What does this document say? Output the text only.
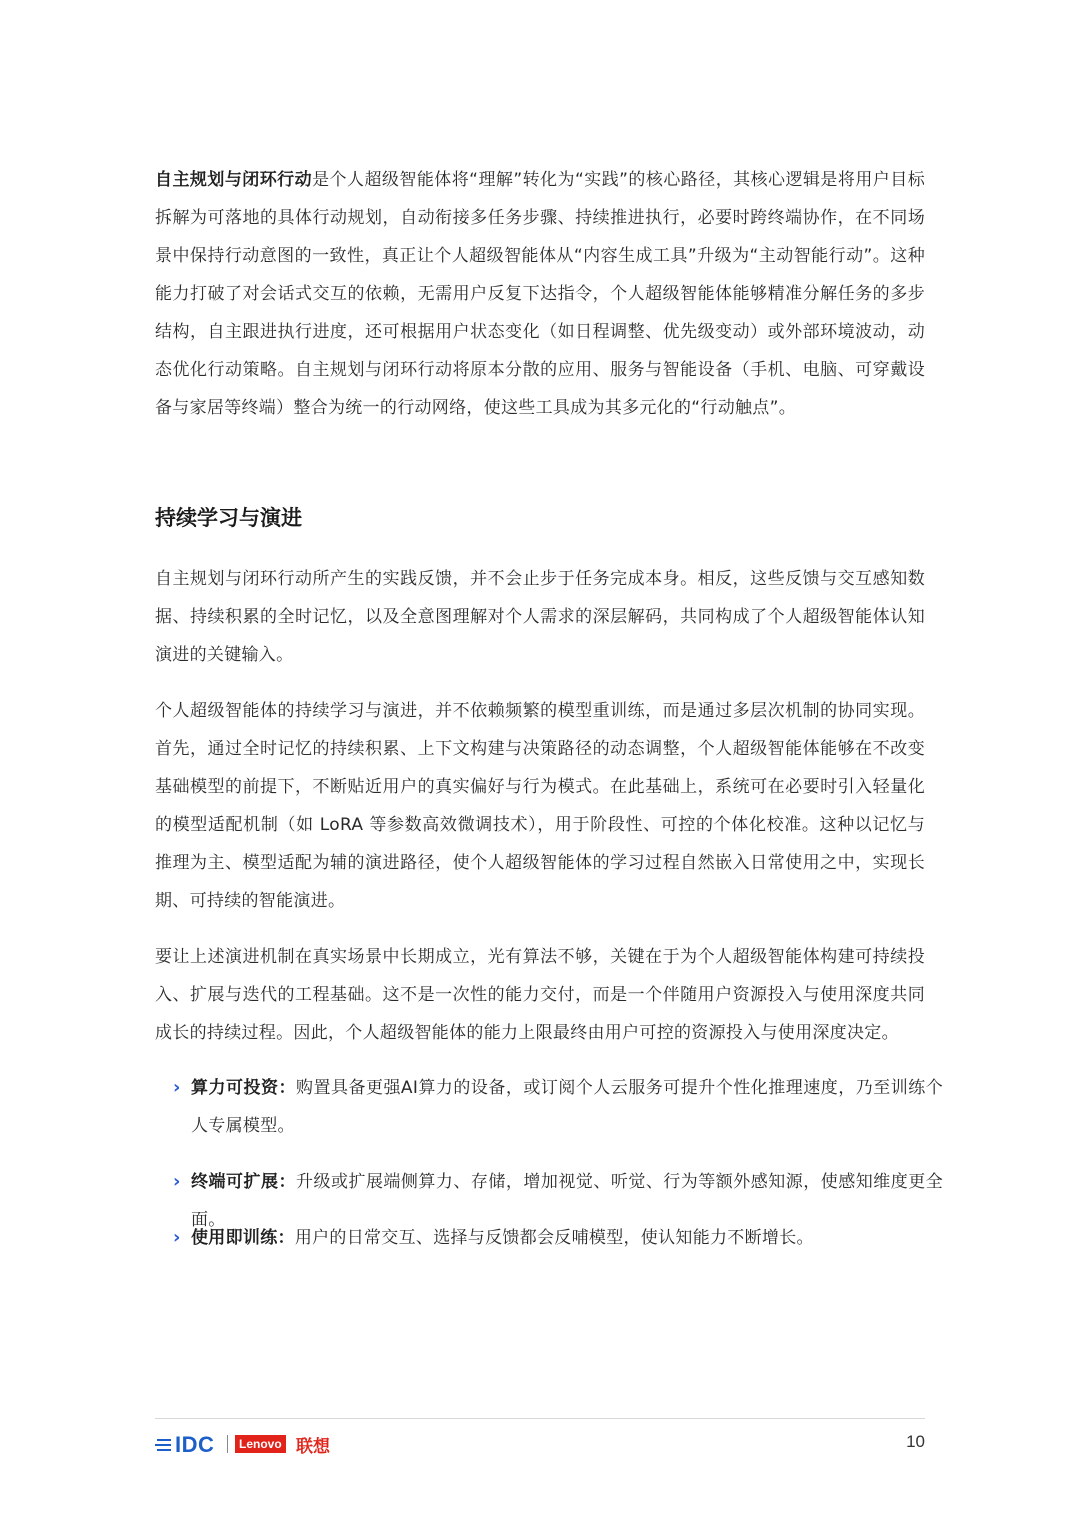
自主规划与闭环行动是个人超级智能体将“理解”转化为“实践”的核心路径，其核心逻辑是将用户目标拆解为可落地的具体行动规划，自动衔接多任务步骤、持续推进执行，必要时跨终端协作，在不同场景中保持行动意图的一致性，真正让个人超级智能体从“内容生成工具”升级为“主动智能行动”。这种能力打破了对会话式交互的依赖，无需用户反复下达指令，个人超级智能体能够精准分解任务的多步结构，自主跟进执行进度，还可根据用户状态变化（如日程调整、优先级变动）或外部环境波动，动态优化行动策略。自主规划与闭环行动将原本分散的应用、服务与智能设备（手机、电脑、可穿戴设备与家居等终端）整合为统一的行动网络，使这些工具成为其多元化的“行动触点”。

持续学习与演进

自主规划与闭环行动所产生的实践反馈，并不会止步于任务完成本身。相反，这些反馈与交互感知数据、持续积累的全时记忆，以及全意图理解对个人需求的深层解码，共同构成了个人超级智能体认知演进的关键输入。

个人超级智能体的持续学习与演进，并不依赖频繁的模型重训练，而是通过多层次机制的协同实现。首先，通过全时记忆的持续积累、上下文构建与决策路径的动态调整，个人超级智能体能够在不改变基础模型的前提下，不断贴近用户的真实偏好与行为模式。在此基础上，系统可在必要时引入轻量化的模型适配机制（如 LoRA 等参数高效微调技术），用于阶段性、可控的个体化校准。这种以记忆与推理为主、模型适配为辅的演进路径，使个人超级智能体的学习过程自然嵌入日常使用之中，实现长期、可持续的智能演进。

要让上述演进机制在真实场景中长期成立，光有算法不够，关键在于为个人超级智能体构建可持续投入、扩展与迭代的工程基础。这不是一次性的能力交付，而是一个伴随用户资源投入与使用深度共同成长的持续过程。因此，个人超级智能体的能力上限最终由用户可控的资源投入与使用深度决定。

› 算力可投资：购置具备更强AI算力的设备，或订阅个人云服务可提升个性化推理速度，乃至训练个人专属模型。
› 终端可扩展：升级或扩展端侧算力、存储，增加视觉、听觉、行为等额外感知源，使感知维度更全面。
› 使用即训练：用户的日常交互、选择与反馈都会反哺模型，使认知能力不断增长。
IDC	Lenovo 联想	10
